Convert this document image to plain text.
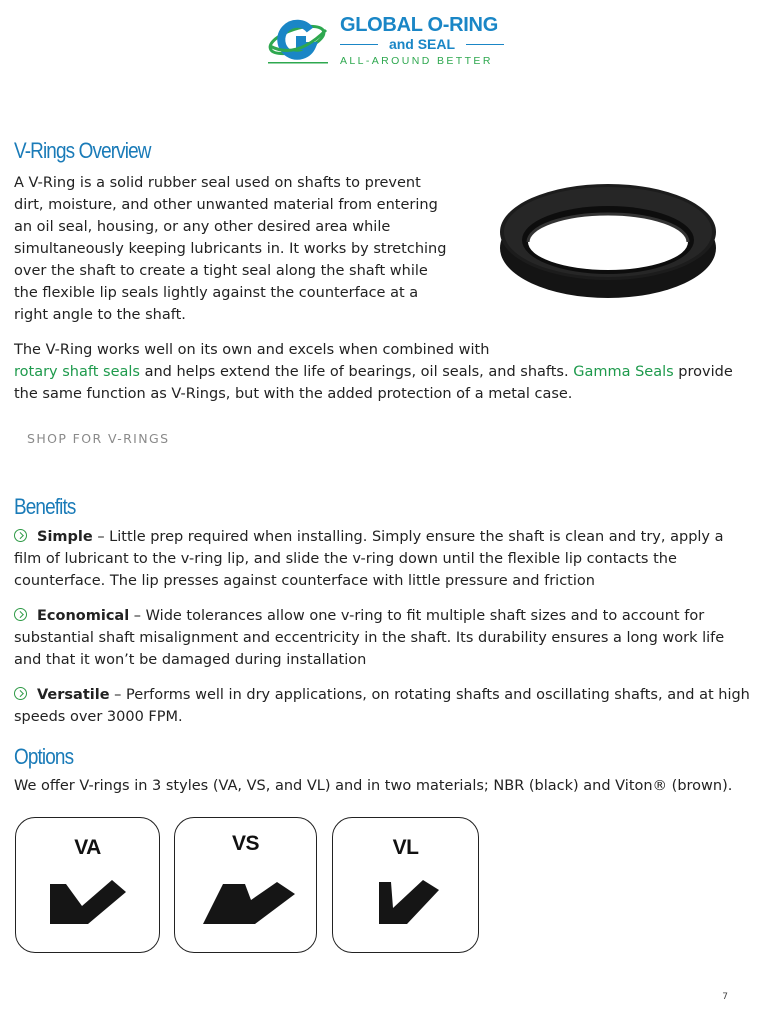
GLOBAL O-RING
and SEAL
ALL-AROUND BETTER
V-Rings Overview

A V-Ring is a solid rubber seal used on shafts to prevent dirt, moisture, and other unwanted material from entering an oil seal, housing, or any other desired area while simultaneously keeping lubricants in. It works by stretching over the shaft to create a tight seal along the shaft while the flexible lip seals lightly against the counterface at a right angle to the shaft.

The V-Ring works well on its own and excels when combined with
rotary shaft seals and helps extend the life of bearings, oil seals, and shafts. Gamma Seals provide the same function as V-Rings, but with the added protection of a metal case.

SHOP FOR V-RINGS
Benefits

Simple – Little prep required when installing. Simply ensure the shaft is clean and try, apply a film of lubricant to the v-ring lip, and slide the v-ring down until the flexible lip contacts the counterface. The lip presses against counterface with little pressure and friction

Economical – Wide tolerances allow one v-ring to fit multiple shaft sizes and to account for substantial shaft misalignment and eccentricity in the shaft. Its durability ensures a long work life and that it won’t be damaged during installation

Versatile – Performs well in dry applications, on rotating shafts and oscillating shafts, and at high speeds over 3000 FPM.

Options

We offer V-rings in 3 styles (VA, VS, and VL) and in two materials; NBR (black) and Viton® (brown).

VA	VS	VL
7
